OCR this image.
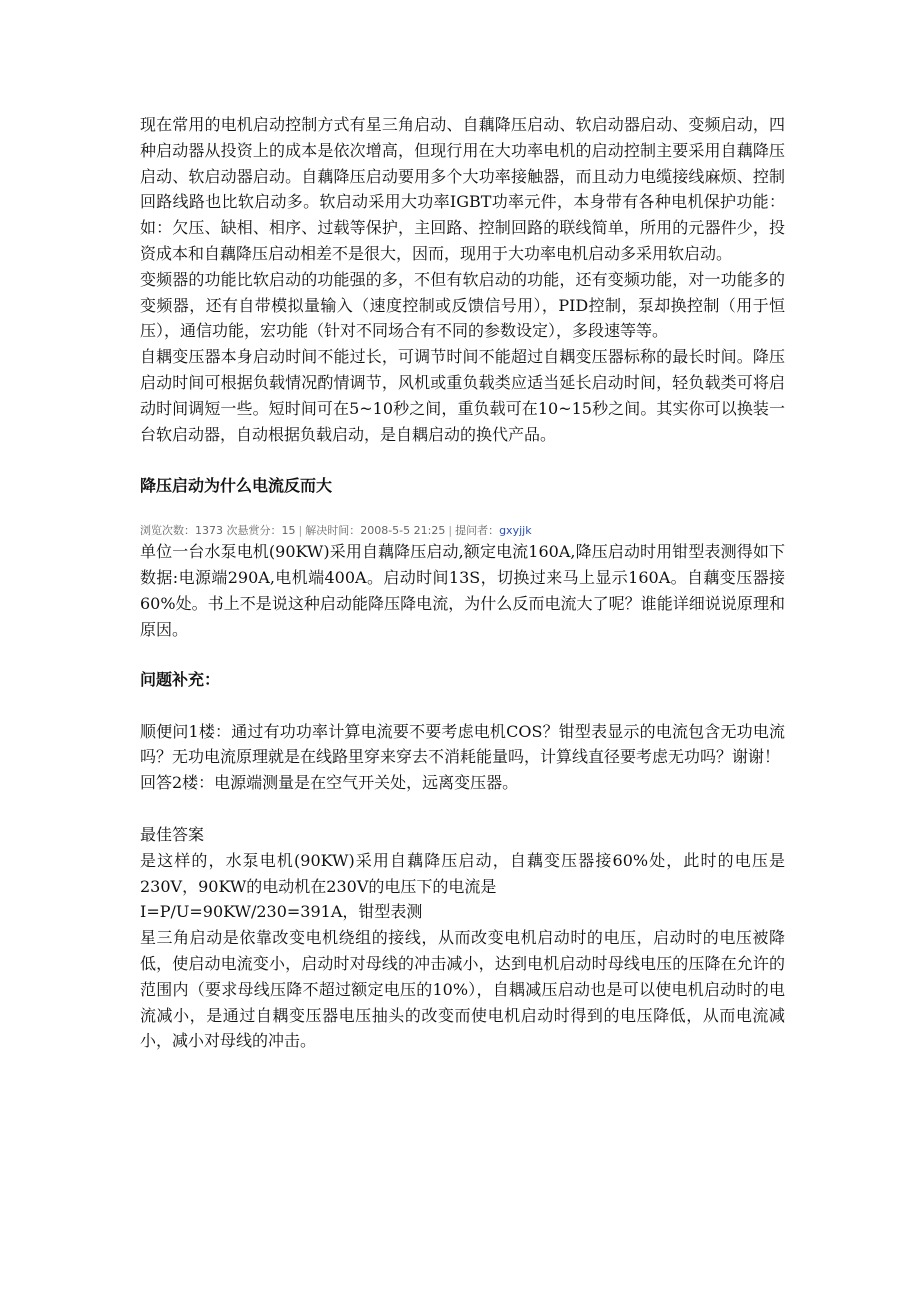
现在常用的电机启动控制方式有星三角启动、自藕降压启动、软启动器启动、变频启动，四种启动器从投资上的成本是依次增高，但现行用在大功率电机的启动控制主要采用自藕降压启动、软启动器启动。自藕降压启动要用多个大功率接触器，而且动力电缆接线麻烦、控制回路线路也比软启动多。软启动采用大功率IGBT功率元件，本身带有各种电机保护功能：如：欠压、缺相、相序、过载等保护，主回路、控制回路的联线简单，所用的元器件少，投资成本和自藕降压启动相差不是很大，因而，现用于大功率电机启动多采用软启动。

变频器的功能比软启动的功能强的多，不但有软启动的功能，还有变频功能，对一功能多的变频器，还有自带模拟量输入（速度控制或反馈信号用），PID控制，泵却换控制（用于恒压），通信功能，宏功能（针对不同场合有不同的参数设定），多段速等等。

自耦变压器本身启动时间不能过长，可调节时间不能超过自耦变压器标称的最长时间。降压启动时间可根据负载情况酌情调节，风机或重负载类应适当延长启动时间，轻负载类可将启动时间调短一些。短时间可在5~10秒之间，重负载可在10~15秒之间。其实你可以换装一台软启动器，自动根据负载启动，是自耦启动的换代产品。

降压启动为什么电流反而大
浏览次数：1373 次悬赏分：15 | 解决时间：2008-5-5 21:25 | 提问者：gxyjjk

单位一台水泵电机(90KW)采用自藕降压启动,额定电流160A,降压启动时用钳型表测得如下数据:电源端290A,电机端400A。启动时间13S，切换过来马上显示160A。自藕变压器接60%处。书上不是说这种启动能降压降电流，为什么反而电流大了呢？谁能详细说说原理和原因。

问题补充：

顺便问1楼：通过有功功率计算电流要不要考虑电机COS？钳型表显示的电流包含无功电流吗？无功电流原理就是在线路里穿来穿去不消耗能量吗，计算线直径要考虑无功吗？谢谢！

回答2楼：电源端测量是在空气开关处，远离变压器。

最佳答案

是这样的，水泵电机(90KW)采用自藕降压启动，自藕变压器接60%处，此时的电压是230V，90KW的电动机在230V的电压下的电流是

I=P/U=90KW/230=391A，钳型表测

星三角启动是依靠改变电机绕组的接线，从而改变电机启动时的电压，启动时的电压被降低，使启动电流变小，启动时对母线的冲击减小，达到电机启动时母线电压的压降在允许的范围内（要求母线压降不超过额定电压的10%），自耦减压启动也是可以使电机启动时的电流减小，是通过自耦变压器电压抽头的改变而使电机启动时得到的电压降低，从而电流减小，减小对母线的冲击。
